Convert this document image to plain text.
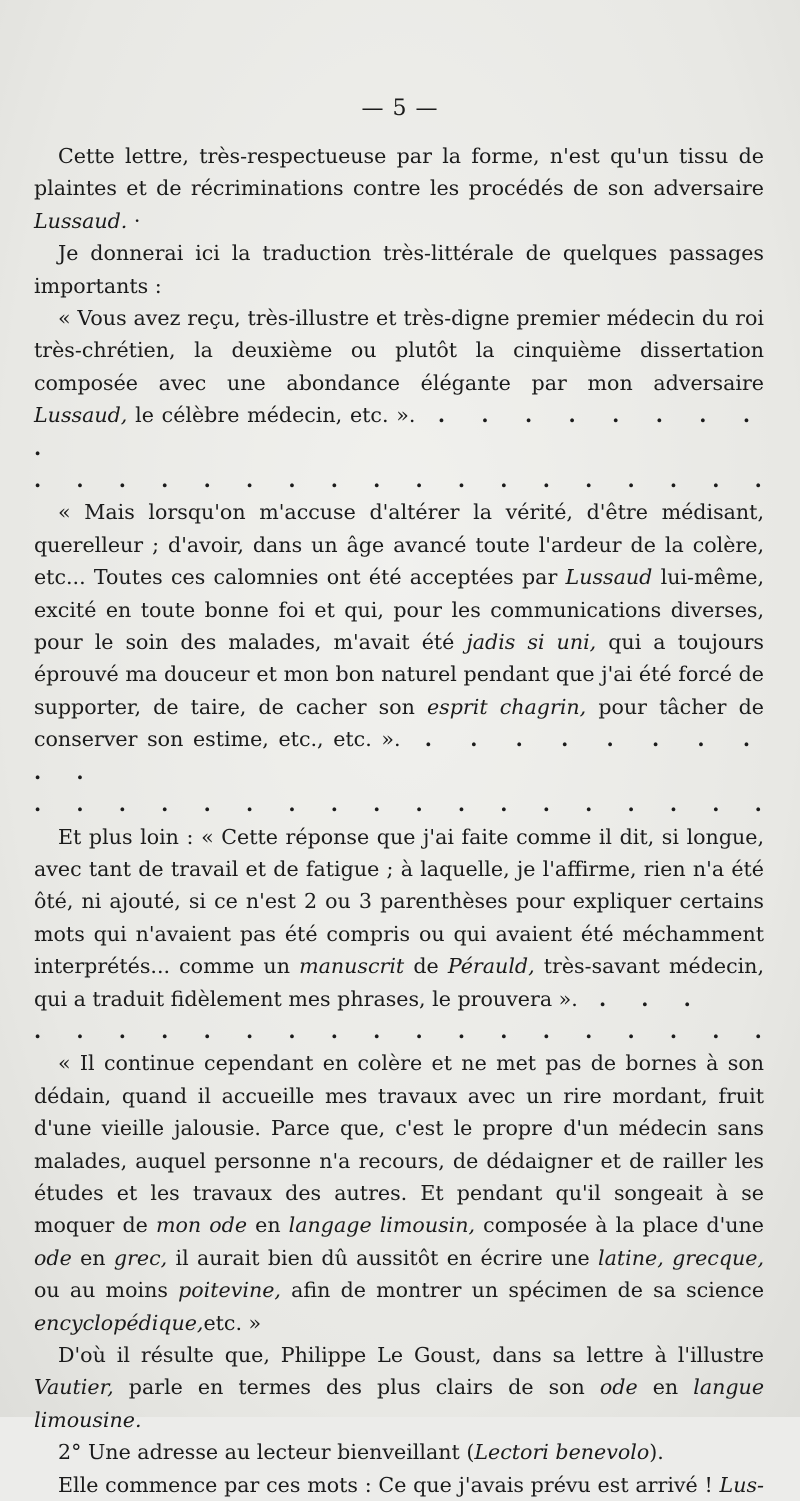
— 5 —

Cette lettre, très-respectueuse par la forme, n'est qu'un tissu de plaintes et de récriminations contre les procédés de son adversaire Lussaud. ·

Je donnerai ici la traduction très-littérale de quelques passages importants :

« Vous avez reçu, très-illustre et très-digne premier médecin du roi très-chrétien, la deuxième ou plutôt la cinquième dissertation composée avec une abondance élégante par mon adversaire Lussaud, le célèbre médecin, etc. ». . . . . . . . . .

. . . . . . . . . . . . . . . . . .

« Mais lorsqu'on m'accuse d'altérer la vérité, d'être médisant, querelleur ; d'avoir, dans un âge avancé toute l'ardeur de la colère, etc... Toutes ces calomnies ont été acceptées par Lussaud lui-même, excité en toute bonne foi et qui, pour les communications diverses, pour le soin des malades, m'avait été jadis si uni, qui a toujours éprouvé ma douceur et mon bon naturel pendant que j'ai été forcé de supporter, de taire, de cacher son esprit chagrin, pour tâcher de conserver son estime, etc., etc. ». . . . . . . . . . .

. . . . . . . . . . . . . . . . . .

Et plus loin : « Cette réponse que j'ai faite comme il dit, si longue, avec tant de travail et de fatigue ; à laquelle, je l'affirme, rien n'a été ôté, ni ajouté, si ce n'est 2 ou 3 parenthèses pour expliquer certains mots qui n'avaient pas été compris ou qui avaient été méchamment interprétés... comme un manuscrit de Pérauld, très-savant médecin, qui a traduit fidèlement mes phrases, le prouvera ». . . .

. . . . . . . . . . . . . . . . . .

« Il continue cependant en colère et ne met pas de bornes à son dédain, quand il accueille mes travaux avec un rire mordant, fruit d'une vieille jalousie. Parce que, c'est le propre d'un médecin sans malades, auquel personne n'a recours, de dédaigner et de railler les études et les travaux des autres. Et pendant qu'il songeait à se moquer de mon ode en langage limousin, composée à la place d'une ode en grec, il aurait bien dû aussitôt en écrire une latine, grecque, ou au moins poitevine, afin de montrer un spécimen de sa science encyclopédique,etc. »

D'où il résulte que, Philippe Le Goust, dans sa lettre à l'illustre Vautier, parle en termes des plus clairs de son ode en langue limousine.

2° Une adresse au lecteur bienveillant (Lectori benevolo).

Elle commence par ces mots : Ce que j'avais prévu est arrivé ! Lus-
